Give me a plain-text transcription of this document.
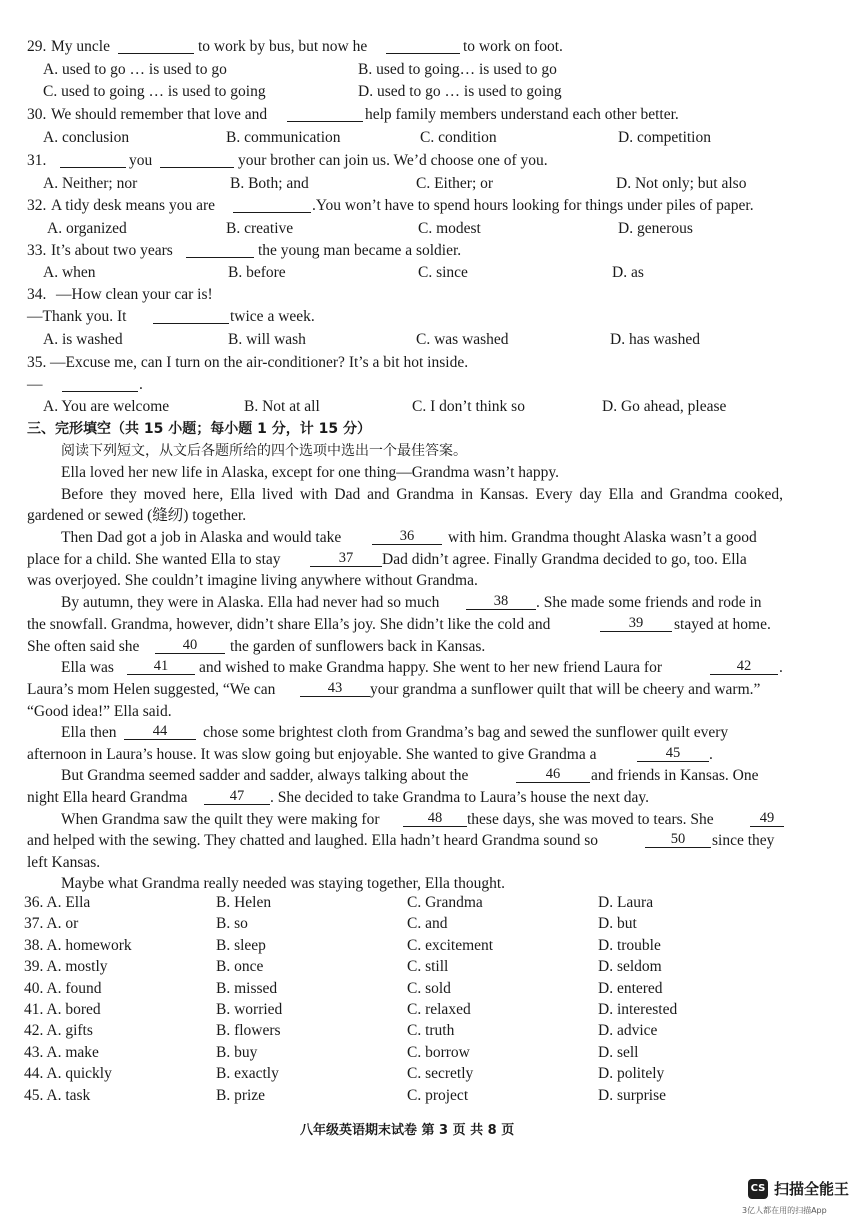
29. My uncle	to work by bus, but now he	to work on foot.
A. used to go … is used to go	B. used to going… is used to go
C. used to going … is used to going	D. used to go … is used to going
30. We should remember that love and	help family members understand each other better.
A. conclusion	B. communication	C. condition	D. competition
31.	you	your brother can join us. We’d choose one of you.
A. Neither; nor	B. Both; and	C. Either; or	D. Not only; but also
32. A tidy desk means you are	.You won’t have to spend hours looking for things under piles of paper.
A. organized	B. creative	C. modest	D. generous
33. It’s about two years	the young man became a soldier.
A. when	B. before	C. since	D. as
34. —How clean your car is!
—Thank you. It	twice a week.
A. is washed	B. will wash	C. was washed	D. has washed
35. —Excuse me, can I turn on the air-conditioner? It’s a bit hot inside.
—	.
A. You are welcome	B. Not at all	C. I don’t think so	D. Go ahead, please
三、完形填空（共 15 小题；每小题 1 分，计 15 分）
阅读下列短文，从文后各题所给的四个选项中选出一个最佳答案。
Ella loved her new life in Alaska, except for one thing—Grandma wasn’t happy.
Before they moved here, Ella lived with Dad and Grandma in Kansas. Every day Ella and Grandma cooked,
gardened or sewed (缝纫) together.
Then Dad got a job in Alaska and would take	36	with him. Grandma thought Alaska wasn’t a good
place for a child. She wanted Ella to stay	37	Dad didn’t agree. Finally Grandma decided to go, too. Ella
was overjoyed. She couldn’t imagine living anywhere without Grandma.
By autumn, they were in Alaska. Ella had never had so much	38	. She made some friends and rode in
the snowfall. Grandma, however, didn’t share Ella’s joy. She didn’t like the cold and	39	stayed at home.
She often said she	40	the garden of sunflowers back in Kansas.
Ella was	41	and wished to make Grandma happy. She went to her new friend Laura for	42	.
Laura’s mom Helen suggested, “We can	43	your grandma a sunflower quilt that will be cheery and warm.”
“Good idea!” Ella said.
Ella then	44	chose some brightest cloth from Grandma’s bag and sewed the sunflower quilt every
afternoon in Laura’s house. It was slow going but enjoyable. She wanted to give Grandma a	45	.
But Grandma seemed sadder and sadder, always talking about the	46	and friends in Kansas. One
night Ella heard Grandma	47	. She decided to take Grandma to Laura’s house the next day.
When Grandma saw the quilt they were making for	48	these days, she was moved to tears. She	49
and helped with the sewing. They chatted and laughed. Ella hadn’t heard Grandma sound so	50	since they
left Kansas.
Maybe what Grandma really needed was staying together, Ella thought.
36. A. Ella	B. Helen	C. Grandma	D. Laura
37. A. or	B. so	C. and	D. but
38. A. homework	B. sleep	C. excitement	D. trouble
39. A. mostly	B. once	C. still	D. seldom
40. A. found	B. missed	C. sold	D. entered
41. A. bored	B. worried	C. relaxed	D. interested
42. A. gifts	B. flowers	C. truth	D. advice
43. A. make	B. buy	C. borrow	D. sell
44. A. quickly	B. exactly	C. secretly	D. politely
45. A. task	B. prize	C. project	D. surprise
八年级英语期末试卷 第 3 页 共 8 页
CS 扫描全能王
3亿人都在用的扫描App
